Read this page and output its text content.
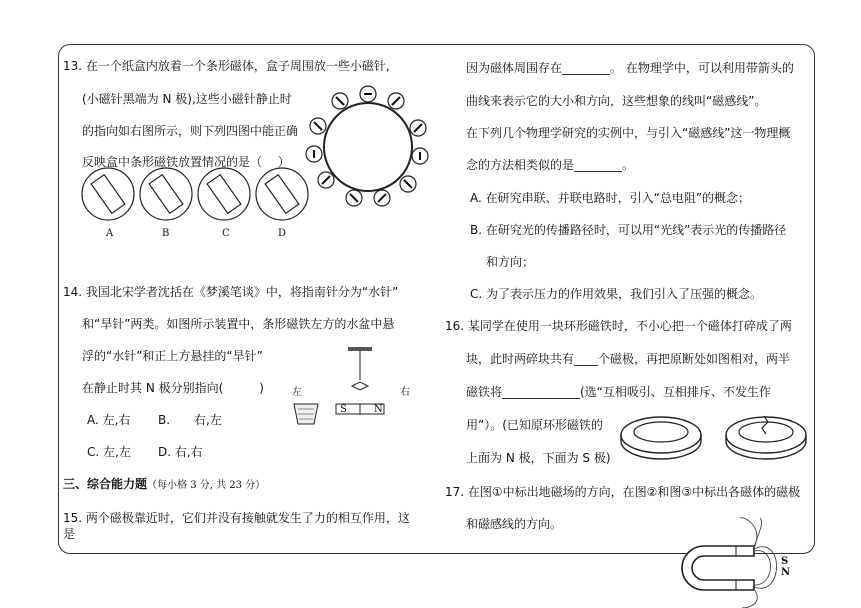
13. 在一个纸盒内放着一个条形磁体，盒子周围放一些小磁针,
(小磁针黑端为 N 极),这些小磁针静止时
的指向如右图所示，则下列四图中能正确
反映盒中条形磁铁放置情况的是（　 ）
A	B	C	D
14. 我国北宋学者沈括在《梦溪笔谈》中，将指南针分为“水针”
和“旱针”两类。如图所示装置中，条形磁铁左方的水盆中悬
浮的“水针”和正上方悬挂的“旱针”
在静止时其 N 极分别指向(　　　)	左	右
S	N
A. 左,右 B.　　右,左
C. 左,左 D. 右,右
三、综合能力题（每小格 3 分, 共 23 分）
15. 两个磁极靠近时，它们并没有接触就发生了力的相互作用，这
是
因为磁体周围存在________。 在物理学中，可以利用带箭头的
曲线来表示它的大小和方向，这些想象的线叫“磁感线”。
在下列几个物理学研究的实例中，与引入“磁感线”这一物理概
念的方法相类似的是________。
A. 在研究串联、并联电路时，引入“总电阻”的概念；
B. 在研究光的传播路径时，可以用“光线”表示光的传播路径
和方向；
C. 为了表示压力的作用效果，我们引入了压强的概念。
16. 某同学在使用一块环形磁铁时，不小心把一个磁体打碎成了两
块，此时两碎块共有____个磁极，再把原断处如图相对，两半
磁铁将_____________(选“互相吸引、互相排斥、不发生作
用”）。(已知原环形磁铁的
上面为 N 极，下面为 S 极)
17. 在图①中标出地磁场的方向，在图②和图③中标出各磁体的磁极
和磁感线的方向。
S
N
